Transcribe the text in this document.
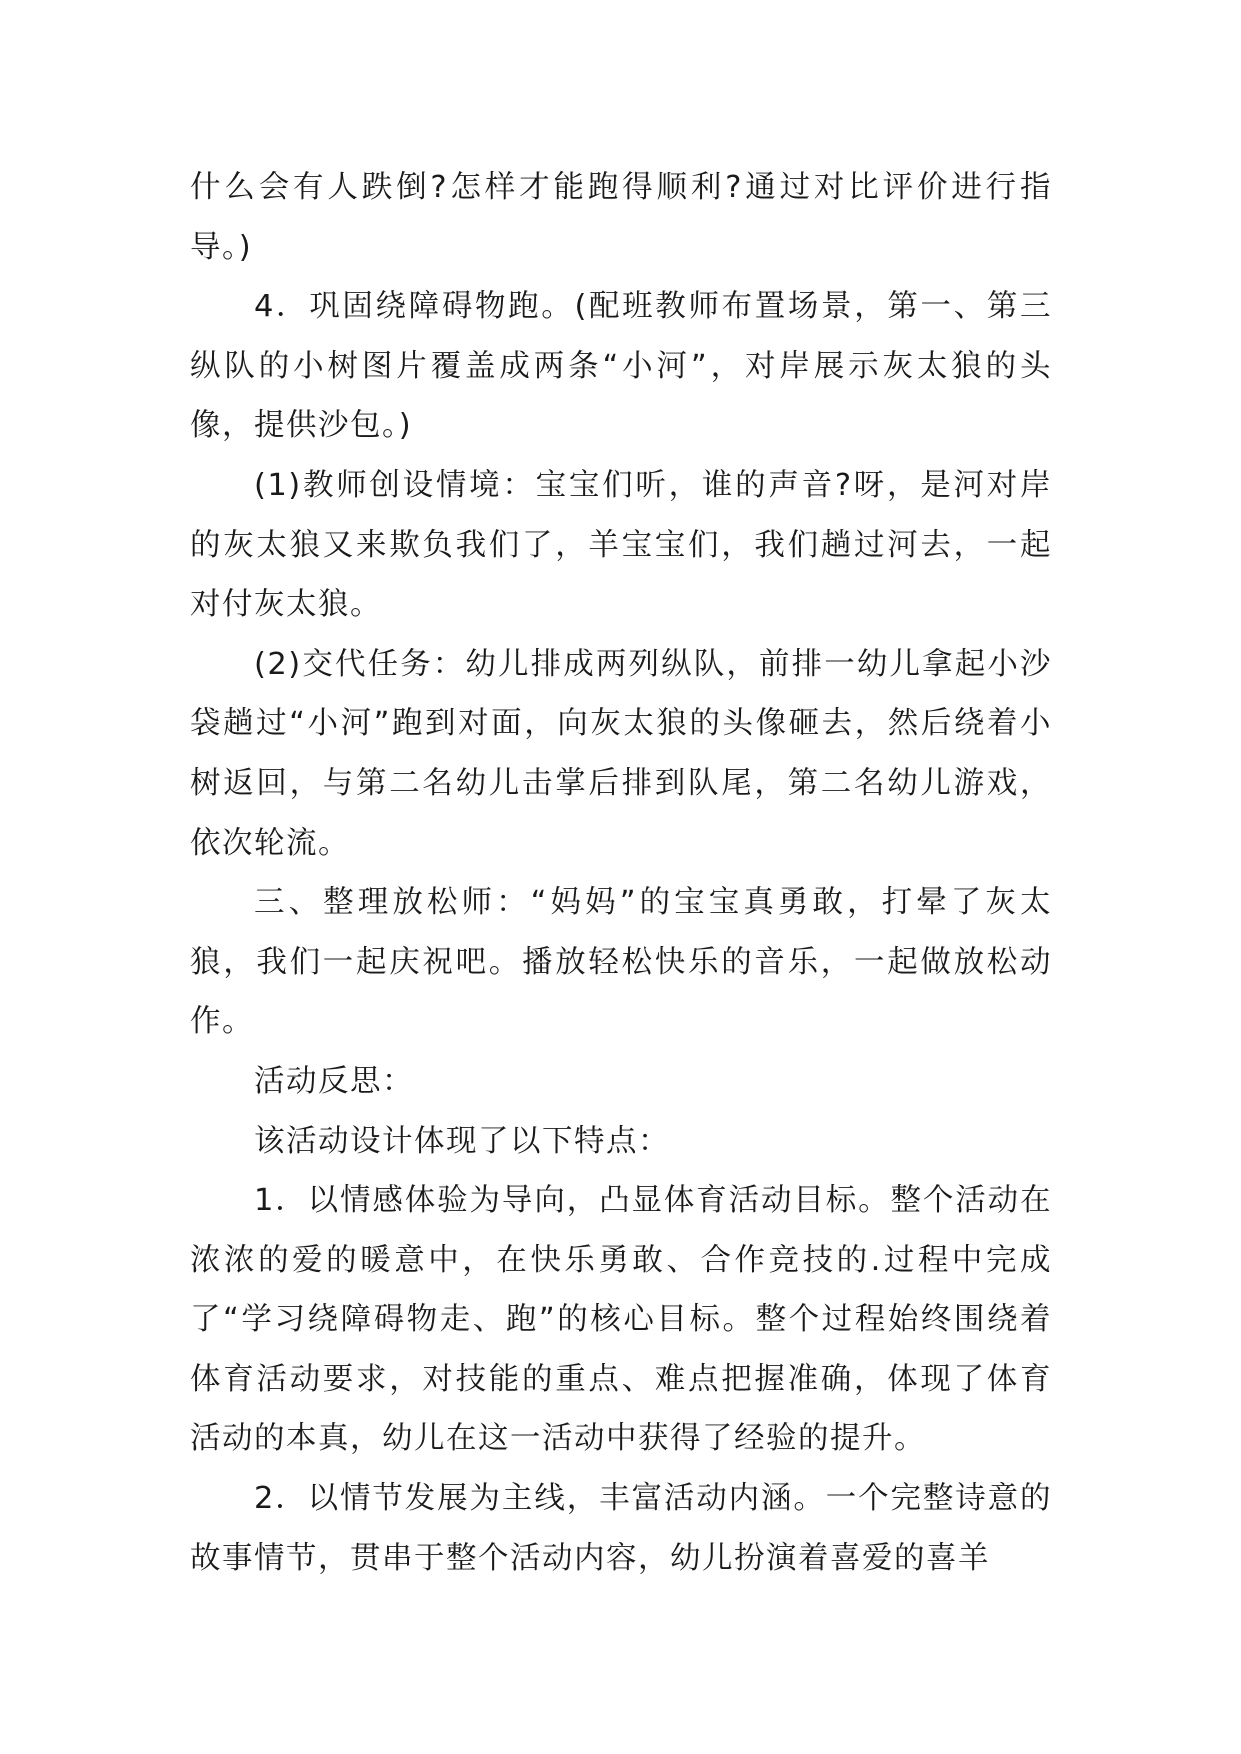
什么会有人跌倒?怎样才能跑得顺利?通过对比评价进行指导。)

4．巩固绕障碍物跑。(配班教师布置场景，第一、第三纵队的小树图片覆盖成两条“小河”，对岸展示灰太狼的头像，提供沙包。)

(1)教师创设情境：宝宝们听，谁的声音?呀，是河对岸的灰太狼又来欺负我们了，羊宝宝们，我们趟过河去，一起对付灰太狼。

(2)交代任务：幼儿排成两列纵队，前排一幼儿拿起小沙袋趟过“小河”跑到对面，向灰太狼的头像砸去，然后绕着小树返回，与第二名幼儿击掌后排到队尾，第二名幼儿游戏，依次轮流。

三、整理放松师：“妈妈”的宝宝真勇敢，打晕了灰太狼，我们一起庆祝吧。播放轻松快乐的音乐，一起做放松动作。

活动反思：

该活动设计体现了以下特点：

1．以情感体验为导向，凸显体育活动目标。整个活动在浓浓的爱的暖意中，在快乐勇敢、合作竞技的.过程中完成了“学习绕障碍物走、跑”的核心目标。整个过程始终围绕着体育活动要求，对技能的重点、难点把握准确，体现了体育活动的本真，幼儿在这一活动中获得了经验的提升。

2．以情节发展为主线，丰富活动内涵。一个完整诗意的故事情节，贯串于整个活动内容，幼儿扮演着喜爱的喜羊
